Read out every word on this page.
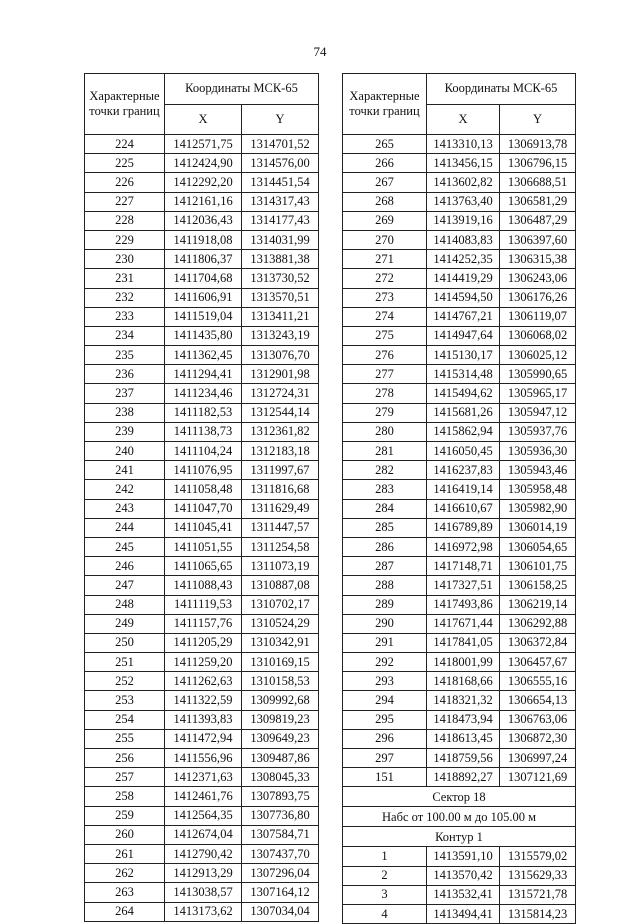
74
Характерные точки границ	Координаты МСК-65	
	X	Y
224	1412571,75	1314701,52
225	1412424,90	1314576,00
226	1412292,20	1314451,54
227	1412161,16	1314317,43
228	1412036,43	1314177,43
229	1411918,08	1314031,99
230	1411806,37	1313881,38
231	1411704,68	1313730,52
232	1411606,91	1313570,51
233	1411519,04	1313411,21
234	1411435,80	1313243,19
235	1411362,45	1313076,70
236	1411294,41	1312901,98
237	1411234,46	1312724,31
238	1411182,53	1312544,14
239	1411138,73	1312361,82
240	1411104,24	1312183,18
241	1411076,95	1311997,67
242	1411058,48	1311816,68
243	1411047,70	1311629,49
244	1411045,41	1311447,57
245	1411051,55	1311254,58
246	1411065,65	1311073,19
247	1411088,43	1310887,08
248	1411119,53	1310702,17
249	1411157,76	1310524,29
250	1411205,29	1310342,91
251	1411259,20	1310169,15
252	1411262,63	1310158,53
253	1411322,59	1309992,68
254	1411393,83	1309819,23
255	1411472,94	1309649,23
256	1411556,96	1309487,86
257	1412371,63	1308045,33
258	1412461,76	1307893,75
259	1412564,35	1307736,80
260	1412674,04	1307584,71
261	1412790,42	1307437,70
262	1412913,29	1307296,04
263	1413038,57	1307164,12
264	1413173,62	1307034,04
Характерные точки границ	Координаты МСК-65	
	X	Y
265	1413310,13	1306913,78
266	1413456,15	1306796,15
267	1413602,82	1306688,51
268	1413763,40	1306581,29
269	1413919,16	1306487,29
270	1414083,83	1306397,60
271	1414252,35	1306315,38
272	1414419,29	1306243,06
273	1414594,50	1306176,26
274	1414767,21	1306119,07
275	1414947,64	1306068,02
276	1415130,17	1306025,12
277	1415314,48	1305990,65
278	1415494,62	1305965,17
279	1415681,26	1305947,12
280	1415862,94	1305937,76
281	1416050,45	1305936,30
282	1416237,83	1305943,46
283	1416419,14	1305958,48
284	1416610,67	1305982,90
285	1416789,89	1306014,19
286	1416972,98	1306054,65
287	1417148,71	1306101,75
288	1417327,51	1306158,25
289	1417493,86	1306219,14
290	1417671,44	1306292,88
291	1417841,05	1306372,84
292	1418001,99	1306457,67
293	1418168,66	1306555,16
294	1418321,32	1306654,13
295	1418473,94	1306763,06
296	1418613,45	1306872,30
297	1418759,56	1306997,24
151	1418892,27	1307121,69
Сектор 18		
Hабс от 100.00 м до 105.00 м		
Контур 1		
1	1413591,10	1315579,02
2	1413570,42	1315629,33
3	1413532,41	1315721,78
4	1413494,41	1315814,23
